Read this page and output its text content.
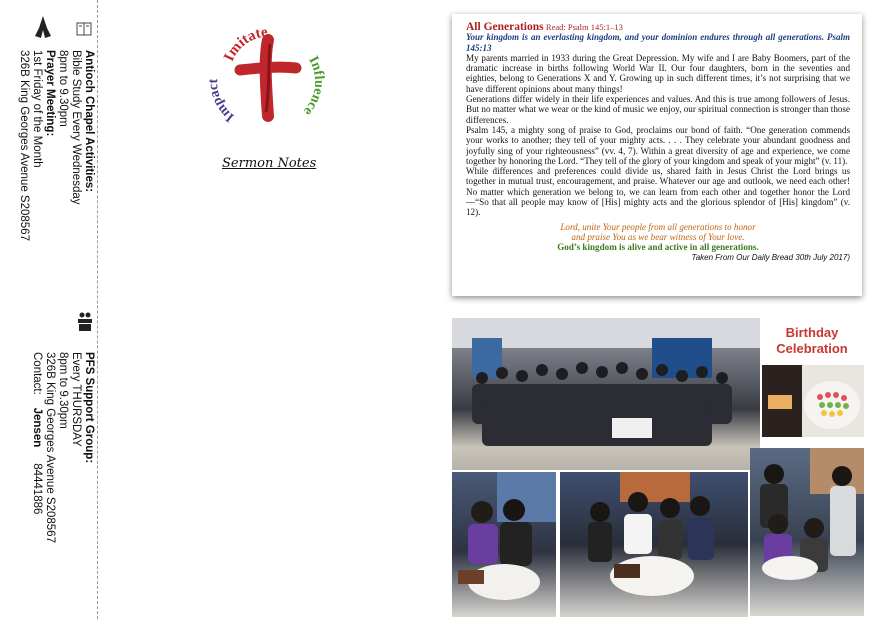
Antioch Chapel Activities:
Bible Study Every Wednesday
8pm to 9.30pm
Prayer Meeting:
1st Friday of the Month
326B King Georges Avenue S208567
PFS Support Group:
Every THURSDAY
8pm to 9.30pm
326B King Georges Avenue S208567
Contact:    Jensen     84441886
Imitate
Influence
Impa
Sermon Notes
All Generations Read: Psalm 145:1–13
Your kingdom is an everlasting kingdom, and your dominion endures through all generations. Psalm 145:13

My parents married in 1933 during the Great Depression. My wife and I are Baby Boomers, part of the dramatic increase in births following World War II. Our four daughters, born in the seventies and eighties, belong to Generations X and Y. Growing up in such different times, it’s not surprising that we have different opinions about many things!

Generations differ widely in their life experiences and values. And this is true among followers of Jesus. But no matter what we wear or the kind of music we enjoy, our spiritual connection is stronger than those differences.

Psalm 145, a mighty song of praise to God, proclaims our bond of faith. “One generation commends your works to another; they tell of your mighty acts. . . . They celebrate your abundant goodness and joyfully sing of your righteousness” (vv. 4, 7). Within a great diversity of age and experience, we come together by honoring the Lord. “They tell of the glory of your kingdom and speak of your might” (v. 11).

While differences and preferences could divide us, shared faith in Jesus Christ the Lord brings us together in mutual trust, encouragement, and praise. Whatever our age and outlook, we need each other! No matter which generation we belong to, we can learn from each other and together honor the Lord—“So that all people may know of [His] mighty acts and the glorious splendor of [His] kingdom” (v. 12).

Lord, unite Your people from all generations to honor
and praise You as we bear witness of Your love.
God’s kingdom is alive and active in all generations.
Taken From Our Daily Bread 30th July 2017)
Birthday
Celebration
